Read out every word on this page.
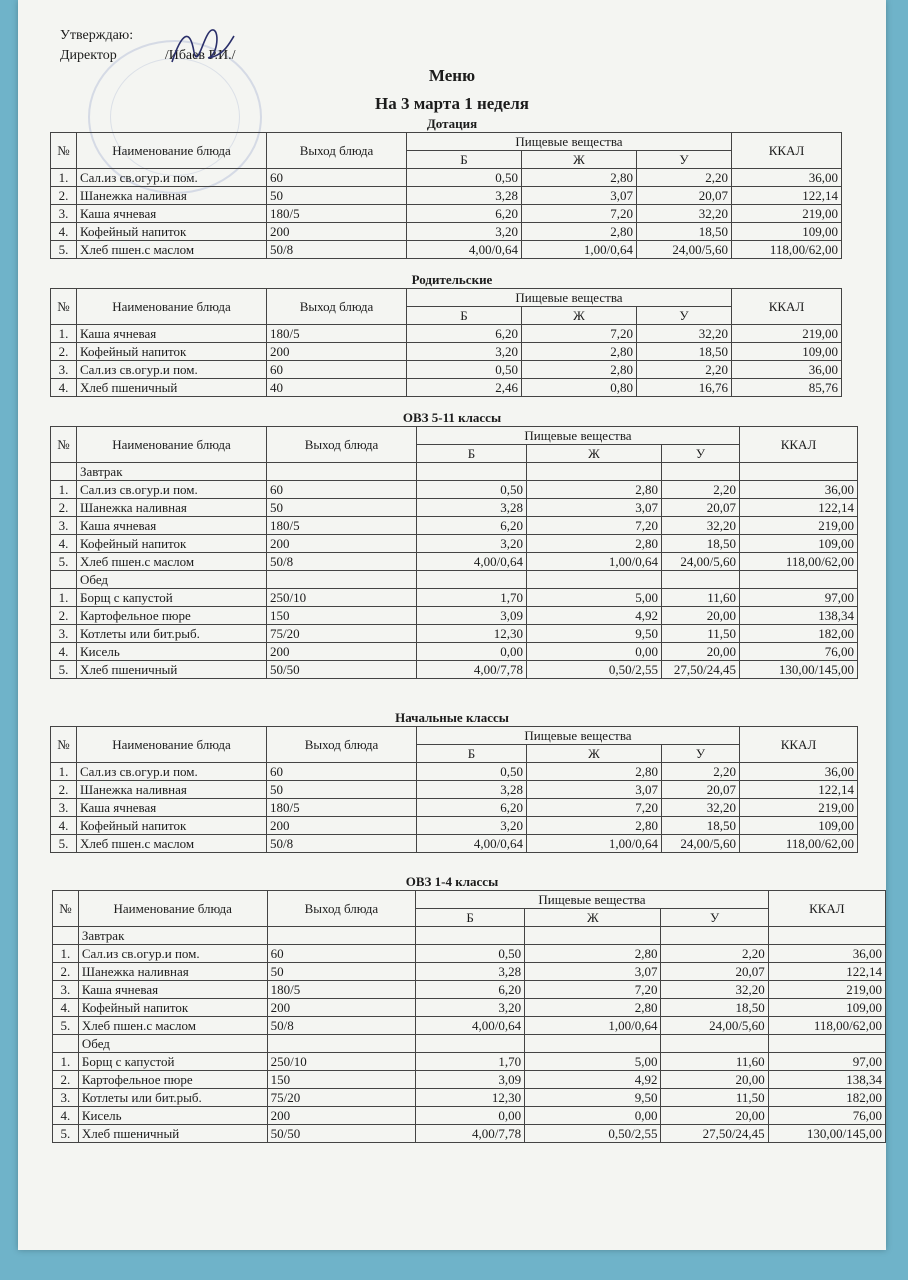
Утверждаю:
Директор	/Ибаев Р.И./
Меню
На 3 марта 1 неделя
Дотация
№	Наименование блюда	Выход блюда	Пищевые вещества			ККАЛ
			Б	Ж	У	
1.	Сал.из св.огур.и пом.	60	0,50	2,80	2,20	36,00
2.	Шанежка наливная	50	3,28	3,07	20,07	122,14
3.	Каша ячневая	180/5	6,20	7,20	32,20	219,00
4.	Кофейный напиток	200	3,20	2,80	18,50	109,00
5.	Хлеб пшен.с маслом	50/8	4,00/0,64	1,00/0,64	24,00/5,60	118,00/62,00
Родительские
№	Наименование блюда	Выход блюда	Пищевые вещества			ККАЛ
			Б	Ж	У	
1.	Каша ячневая	180/5	6,20	7,20	32,20	219,00
2.	Кофейный напиток	200	3,20	2,80	18,50	109,00
3.	Сал.из св.огур.и пом.	60	0,50	2,80	2,20	36,00
4.	Хлеб пшеничный	40	2,46	0,80	16,76	85,76
ОВЗ 5-11 классы
№	Наименование блюда	Выход блюда	Пищевые вещества			ККАЛ
			Б	Ж	У	
	Завтрак					
1.	Сал.из св.огур.и пом.	60	0,50	2,80	2,20	36,00
2.	Шанежка наливная	50	3,28	3,07	20,07	122,14
3.	Каша ячневая	180/5	6,20	7,20	32,20	219,00
4.	Кофейный напиток	200	3,20	2,80	18,50	109,00
5.	Хлеб пшен.с маслом	50/8	4,00/0,64	1,00/0,64	24,00/5,60	118,00/62,00
	Обед					
1.	Борщ с капустой	250/10	1,70	5,00	11,60	97,00
2.	Картофельное пюре	150	3,09	4,92	20,00	138,34
3.	Котлеты или бит.рыб.	75/20	12,30	9,50	11,50	182,00
4.	Кисель	200	0,00	0,00	20,00	76,00
5.	Хлеб пшеничный	50/50	4,00/7,78	0,50/2,55	27,50/24,45	130,00/145,00
Начальные классы
№	Наименование блюда	Выход блюда	Пищевые вещества			ККАЛ
			Б	Ж	У	
1.	Сал.из св.огур.и пом.	60	0,50	2,80	2,20	36,00
2.	Шанежка наливная	50	3,28	3,07	20,07	122,14
3.	Каша ячневая	180/5	6,20	7,20	32,20	219,00
4.	Кофейный напиток	200	3,20	2,80	18,50	109,00
5.	Хлеб пшен.с маслом	50/8	4,00/0,64	1,00/0,64	24,00/5,60	118,00/62,00
ОВЗ 1-4 классы
№	Наименование блюда	Выход блюда	Пищевые вещества			ККАЛ
			Б	Ж	У	
	Завтрак					
1.	Сал.из св.огур.и пом.	60	0,50	2,80	2,20	36,00
2.	Шанежка наливная	50	3,28	3,07	20,07	122,14
3.	Каша ячневая	180/5	6,20	7,20	32,20	219,00
4.	Кофейный напиток	200	3,20	2,80	18,50	109,00
5.	Хлеб пшен.с маслом	50/8	4,00/0,64	1,00/0,64	24,00/5,60	118,00/62,00
	Обед					
1.	Борщ с капустой	250/10	1,70	5,00	11,60	97,00
2.	Картофельное пюре	150	3,09	4,92	20,00	138,34
3.	Котлеты или бит.рыб.	75/20	12,30	9,50	11,50	182,00
4.	Кисель	200	0,00	0,00	20,00	76,00
5.	Хлеб пшеничный	50/50	4,00/7,78	0,50/2,55	27,50/24,45	130,00/145,00
